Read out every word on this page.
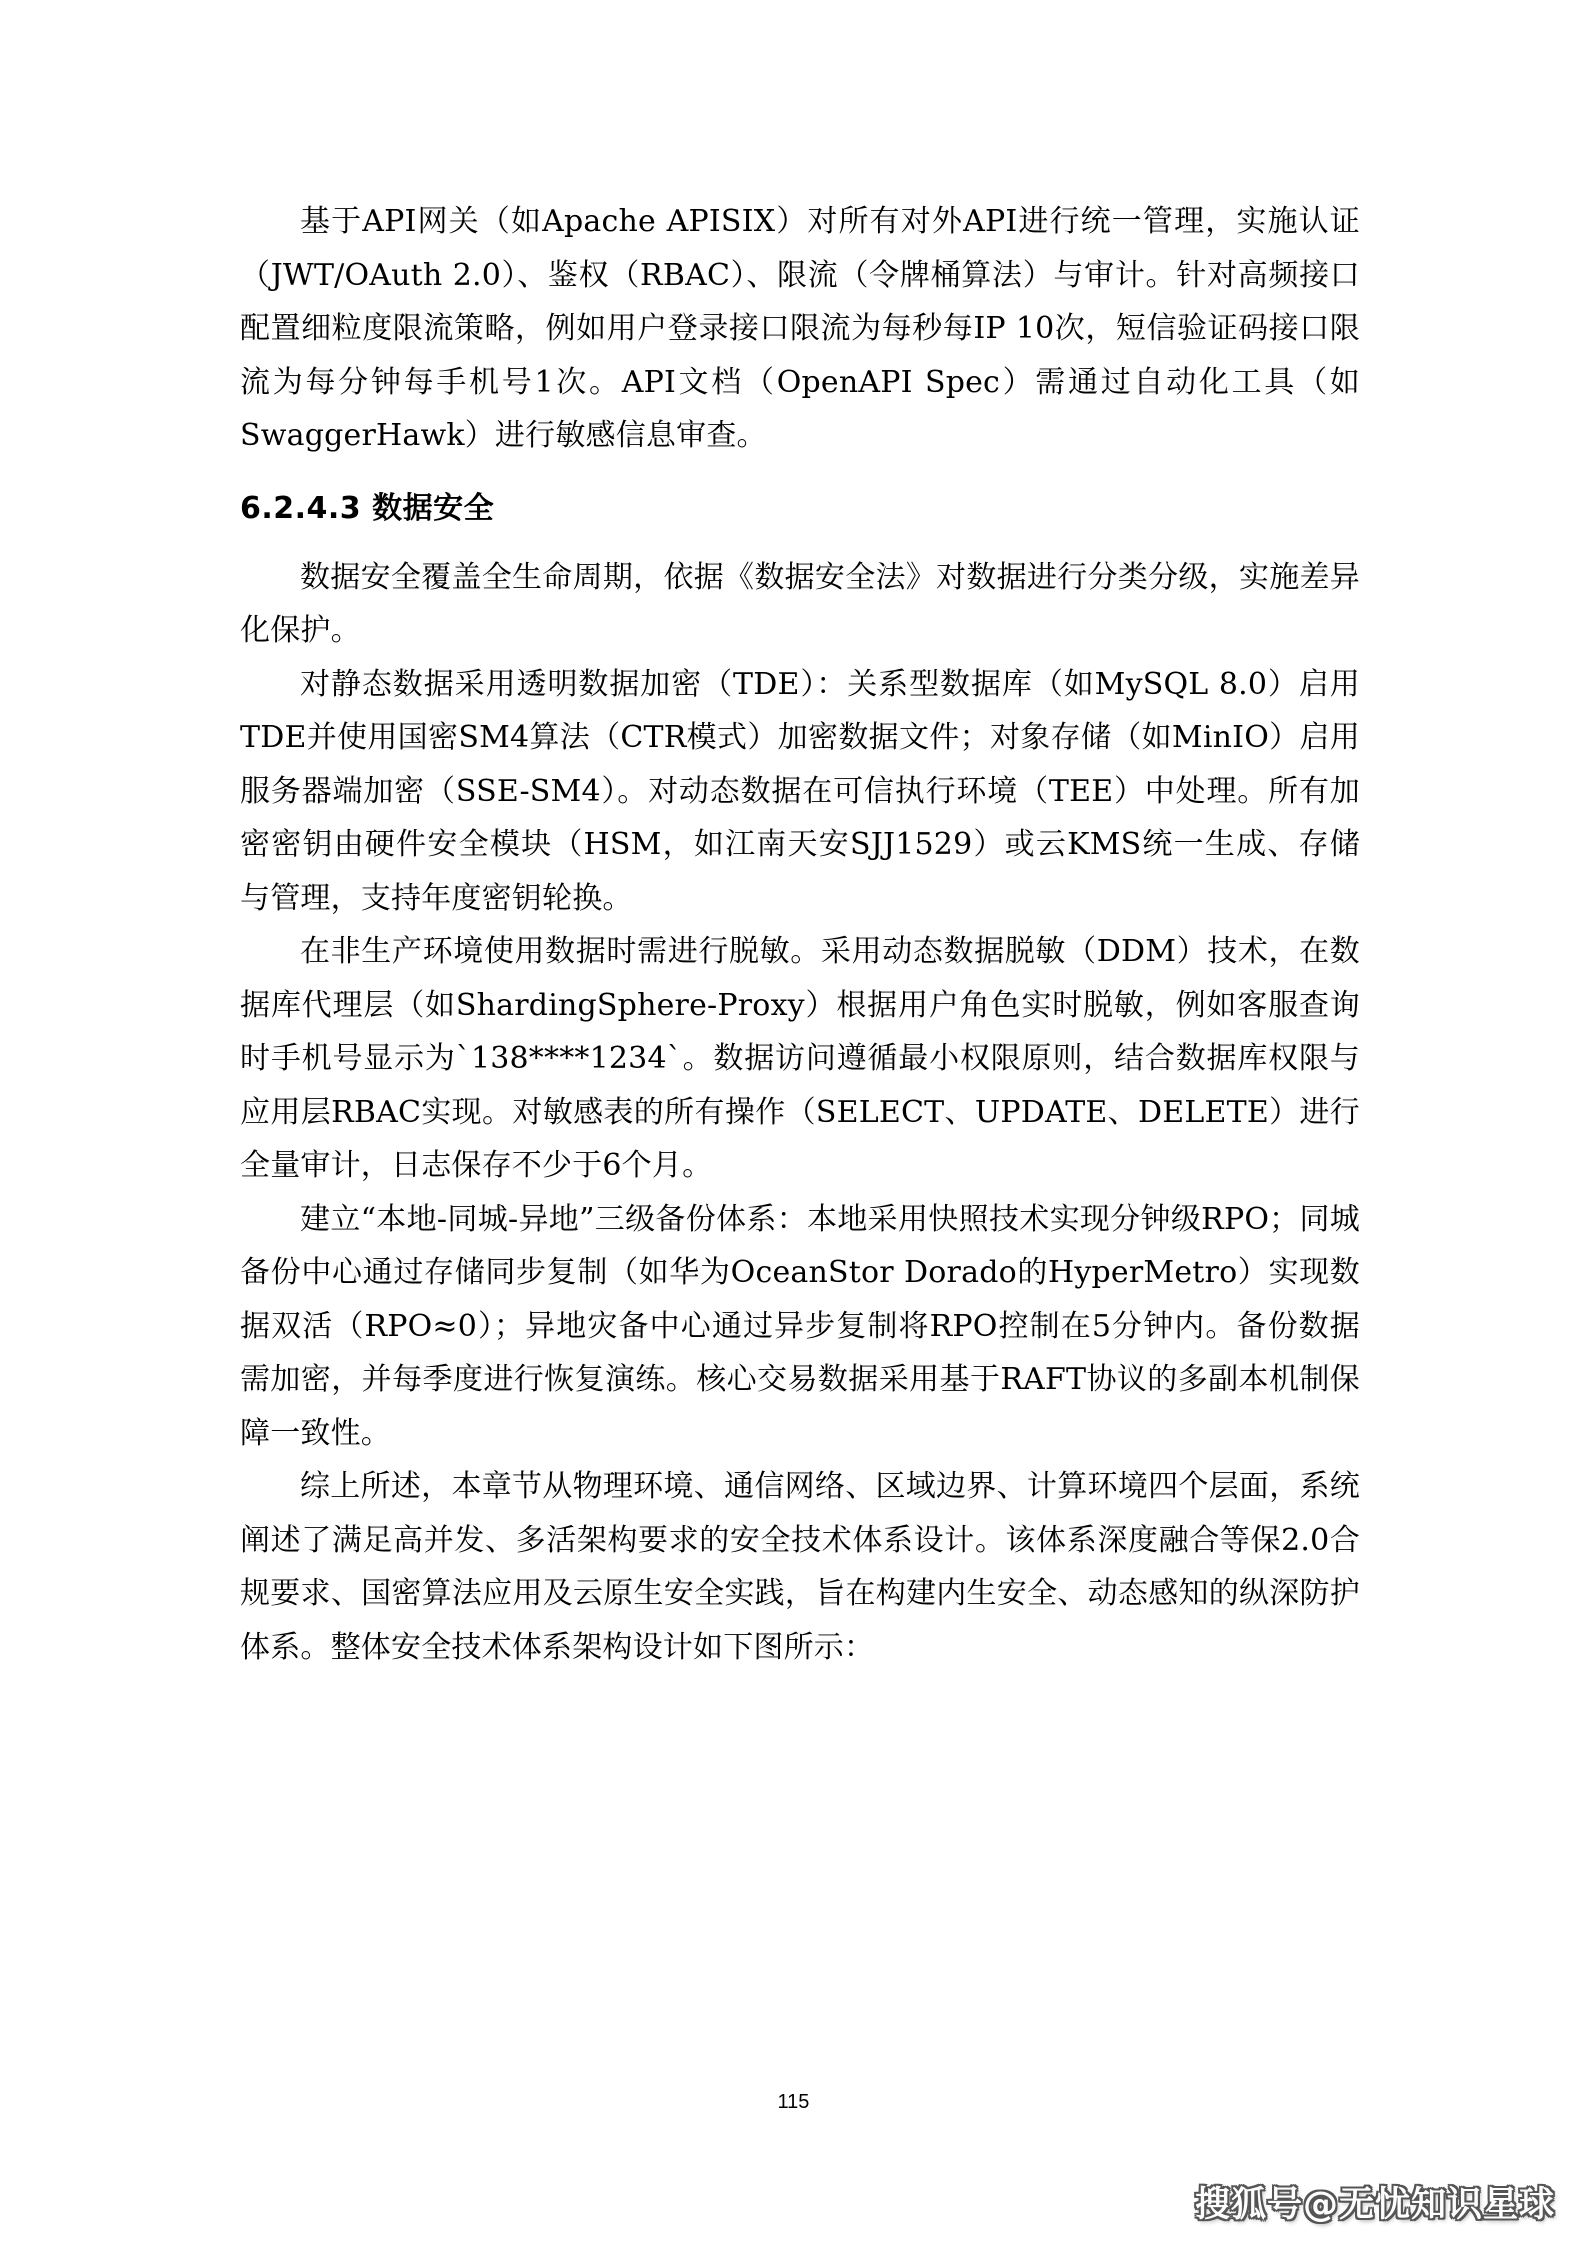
基于API网关（如Apache APISIX）对所有对外API进行统一管理，实施认证（JWT/OAuth 2.0）、鉴权（RBAC）、限流（令牌桶算法）与审计。针对高频接口配置细粒度限流策略，例如用户登录接口限流为每秒每IP 10次，短信验证码接口限流为每分钟每手机号1次。API文档（OpenAPI Spec）需通过自动化工具（如SwaggerHawk）进行敏感信息审查。

6.2.4.3 数据安全

数据安全覆盖全生命周期，依据《数据安全法》对数据进行分类分级，实施差异化保护。

对静态数据采用透明数据加密（TDE）：关系型数据库（如MySQL 8.0）启用TDE并使用国密SM4算法（CTR模式）加密数据文件；对象存储（如MinIO）启用服务器端加密（SSE-SM4）。对动态数据在可信执行环境（TEE）中处理。所有加密密钥由硬件安全模块（HSM，如江南天安SJJ1529）或云KMS统一生成、存储与管理，支持年度密钥轮换。

在非生产环境使用数据时需进行脱敏。采用动态数据脱敏（DDM）技术，在数据库代理层（如ShardingSphere-Proxy）根据用户角色实时脱敏，例如客服查询时手机号显示为`138****1234`。数据访问遵循最小权限原则，结合数据库权限与应用层RBAC实现。对敏感表的所有操作（SELECT、UPDATE、DELETE）进行全量审计，日志保存不少于6个月。

建立“本地-同城-异地”三级备份体系：本地采用快照技术实现分钟级RPO；同城备份中心通过存储同步复制（如华为OceanStor Dorado的HyperMetro）实现数据双活（RPO≈0）；异地灾备中心通过异步复制将RPO控制在5分钟内。备份数据需加密，并每季度进行恢复演练。核心交易数据采用基于RAFT协议的多副本机制保障一致性。

综上所述，本章节从物理环境、通信网络、区域边界、计算环境四个层面，系统阐述了满足高并发、多活架构要求的安全技术体系设计。该体系深度融合等保2.0合规要求、国密算法应用及云原生安全实践，旨在构建内生安全、动态感知的纵深防护体系。整体安全技术体系架构设计如下图所示：

115
搜狐号@无忧知识星球
